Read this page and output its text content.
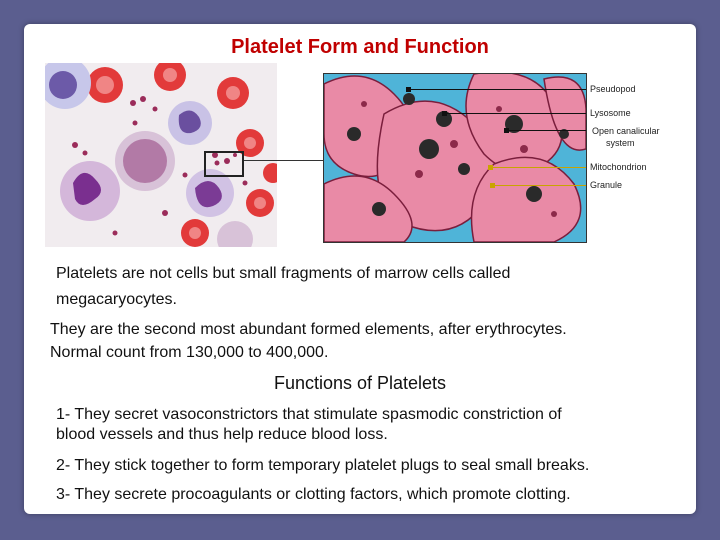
Platelet Form and Function
Pseudopod
Lysosome
Open canalicular
system
Mitochondrion
Granule
Platelets are not cells but small fragments of marrow cells called
megacaryocytes.
They are the second most abundant formed elements, after erythrocytes.
Normal count from 130,000 to 400,000.
Functions of Platelets
1- They secret vasoconstrictors that stimulate spasmodic constriction of
blood vessels and thus help reduce blood loss.
2- They stick together to form temporary platelet plugs to seal small breaks.
3- They secrete procoagulants or clotting factors, which promote clotting.
